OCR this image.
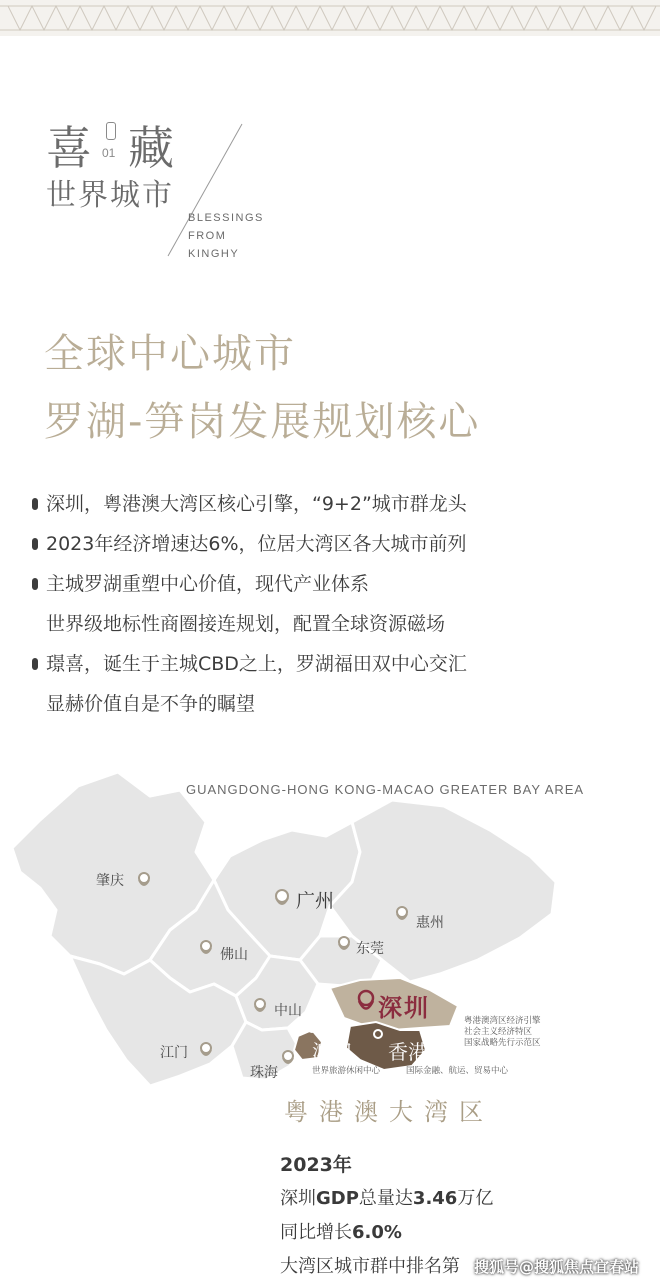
喜 01 藏
世界城市
BLESSINGS
FROM
KINGHY
全球中心城市
罗湖-笋岗发展规划核心
深圳，粤港澳大湾区核心引擎，“9+2”城市群龙头
2023年经济增速达6%，位居大湾区各大城市前列
主城罗湖重塑中心价值，现代产业体系
世界级地标性商圈接连规划，配置全球资源磁场
璟喜，诞生于主城CBD之上，罗湖福田双中心交汇
显赫价值自是不争的瞩望
GUANGDONG-HONG KONG-MACAO GREATER BAY AREA
肇庆
广州
惠州
佛山	东莞
中山
江门
珠海
深圳
澳门 香港
粤港澳湾区经济引擎
社会主义经济特区
国家战略先行示范区
世界旅游休闲中心	国际金融、航运、贸易中心
粤港澳大湾区
2023年
深圳GDP总量达3.46万亿
同比增长6.0%
大湾区城市群中排名第 搜狐号@搜狐焦点宜春站
